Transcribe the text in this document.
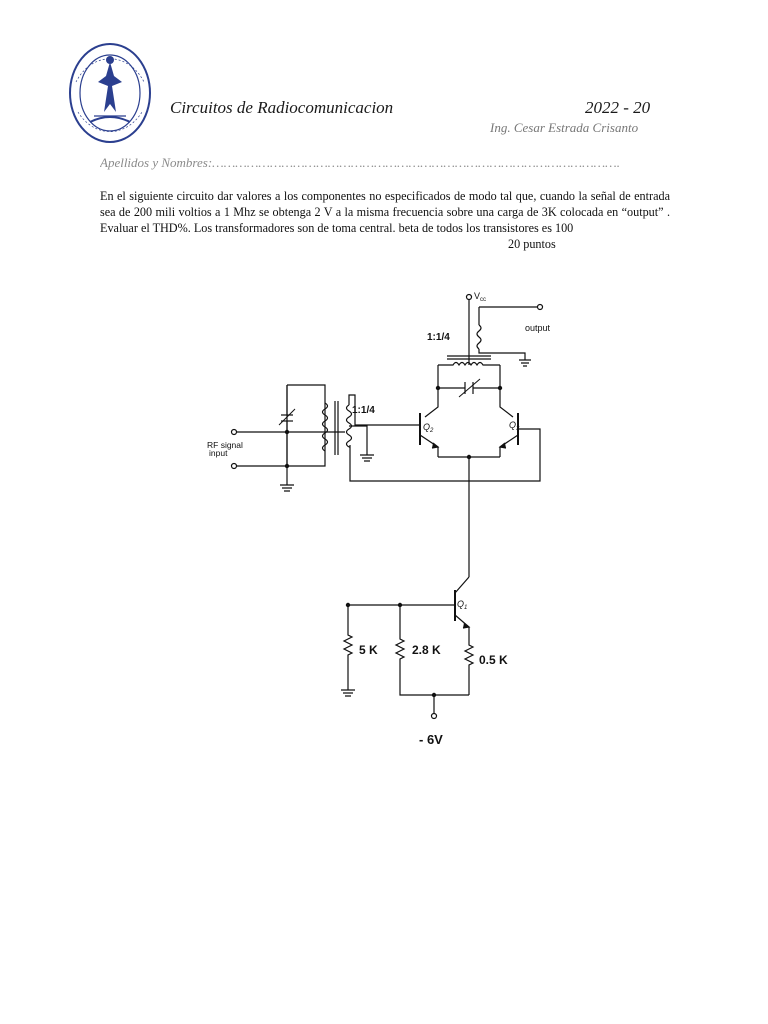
Circuitos de Radiocomunicacion	2022 - 20
Ing. Cesar Estrada Crisanto
Apellidos y Nombres:…………………………………………………………………………………………….
En el siguiente circuito dar valores a los componentes no especificados de modo tal que, cuando la señal de entrada sea de 200 mili voltios a 1 Mhz se obtenga 2 V a la misma frecuencia sobre una carga de 3K colocada en “output” . Evaluar el THD%. Los transformadores son de toma central. beta de todos los transistores es 100
20 puntos
$V_{cc}$
output
1:1/4
$Q_2$
$Q_3$
RF signal
input
1:1/4
$Q_1$
5 K	2.8 K
0.5 K
- 6V
